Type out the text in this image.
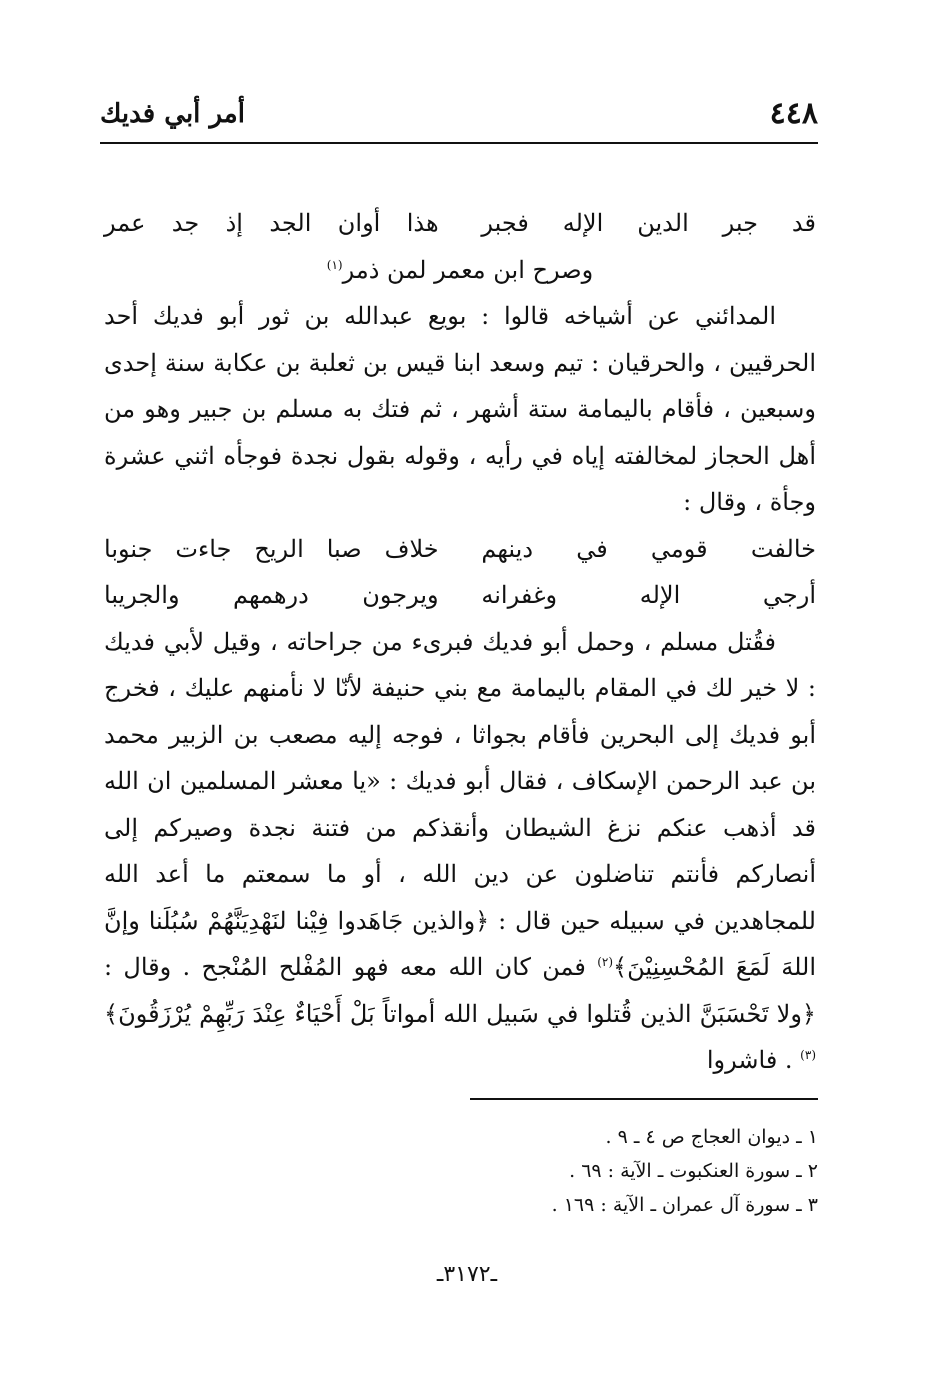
٤٤٨
أمر أبي فديك
قد جبر الدين الإله فجبر
هذا أوان الجد إذ جد عمر
وصرح ابن معمر لمن ذمر$^{(١)}$

المدائني عن أشياخه قالوا : بويع عبدالله بن ثور أبو فديك أحد الحرقيين ، والحرقيان : تيم وسعد ابنا قيس بن ثعلبة بن عكابة سنة إحدى وسبعين ، فأقام باليمامة ستة أشهر ، ثم فتك به مسلم بن جبير وهو من أهل الحجاز لمخالفته إياه في رأيه ، وقوله بقول نجدة فوجأه اثني عشرة وجأة ، وقال :

خالفت قومي في دينهم
خلاف صبا الريح جاءت جنوبا
أرجي الإله وغفرانه
ويرجون درهمهم والجريبا

فقُتل مسلم ، وحمل أبو فديك فبرىء من جراحاته ، وقيل لأبي فديك : لا خير لك في المقام باليمامة مع بني حنيفة لأنّا لا نأمنهم عليك ، فخرج أبو فديك إلى البحرين فأقام بجواثا ، فوجه إليه مصعب بن الزبير محمد بن عبد الرحمن الإسكاف ، فقال أبو فديك : «يا معشر المسلمين ان الله قد أذهب عنكم نزغ الشيطان وأنقذكم من فتنة نجدة وصيركم إلى أنصاركم فأنتم تناضلون عن دين الله ، أو ما سمعتم ما أعد الله للمجاهدين في سبيله حين قال : ﴿والذين جَاهَدوا فِيْنا لنَهْدِيَنَّهُمْ سُبُلَنا وإنَّ اللهَ لَمَعَ المُحْسِنِيْنَ﴾$^{(٢)}$ فمن كان الله معه فهو المُفْلح المُنْجح . وقال : ﴿ولا تَحْسَبَنَّ الذين قُتلوا في سَبيل الله أمواتاً بَلْ أَحْيَاءٌ عِنْدَ رَبِّهِمْ يُرْزَقُونَ﴾$^{(٣)}$ . فاشروا

١ ـ ديوان العجاج ص ٤ ـ ٩ .
٢ ـ سورة العنكبوت ـ الآية : ٦٩ .
٣ ـ سورة آل عمران ـ الآية : ١٦٩ .
ـ٣١٧٢ـ
